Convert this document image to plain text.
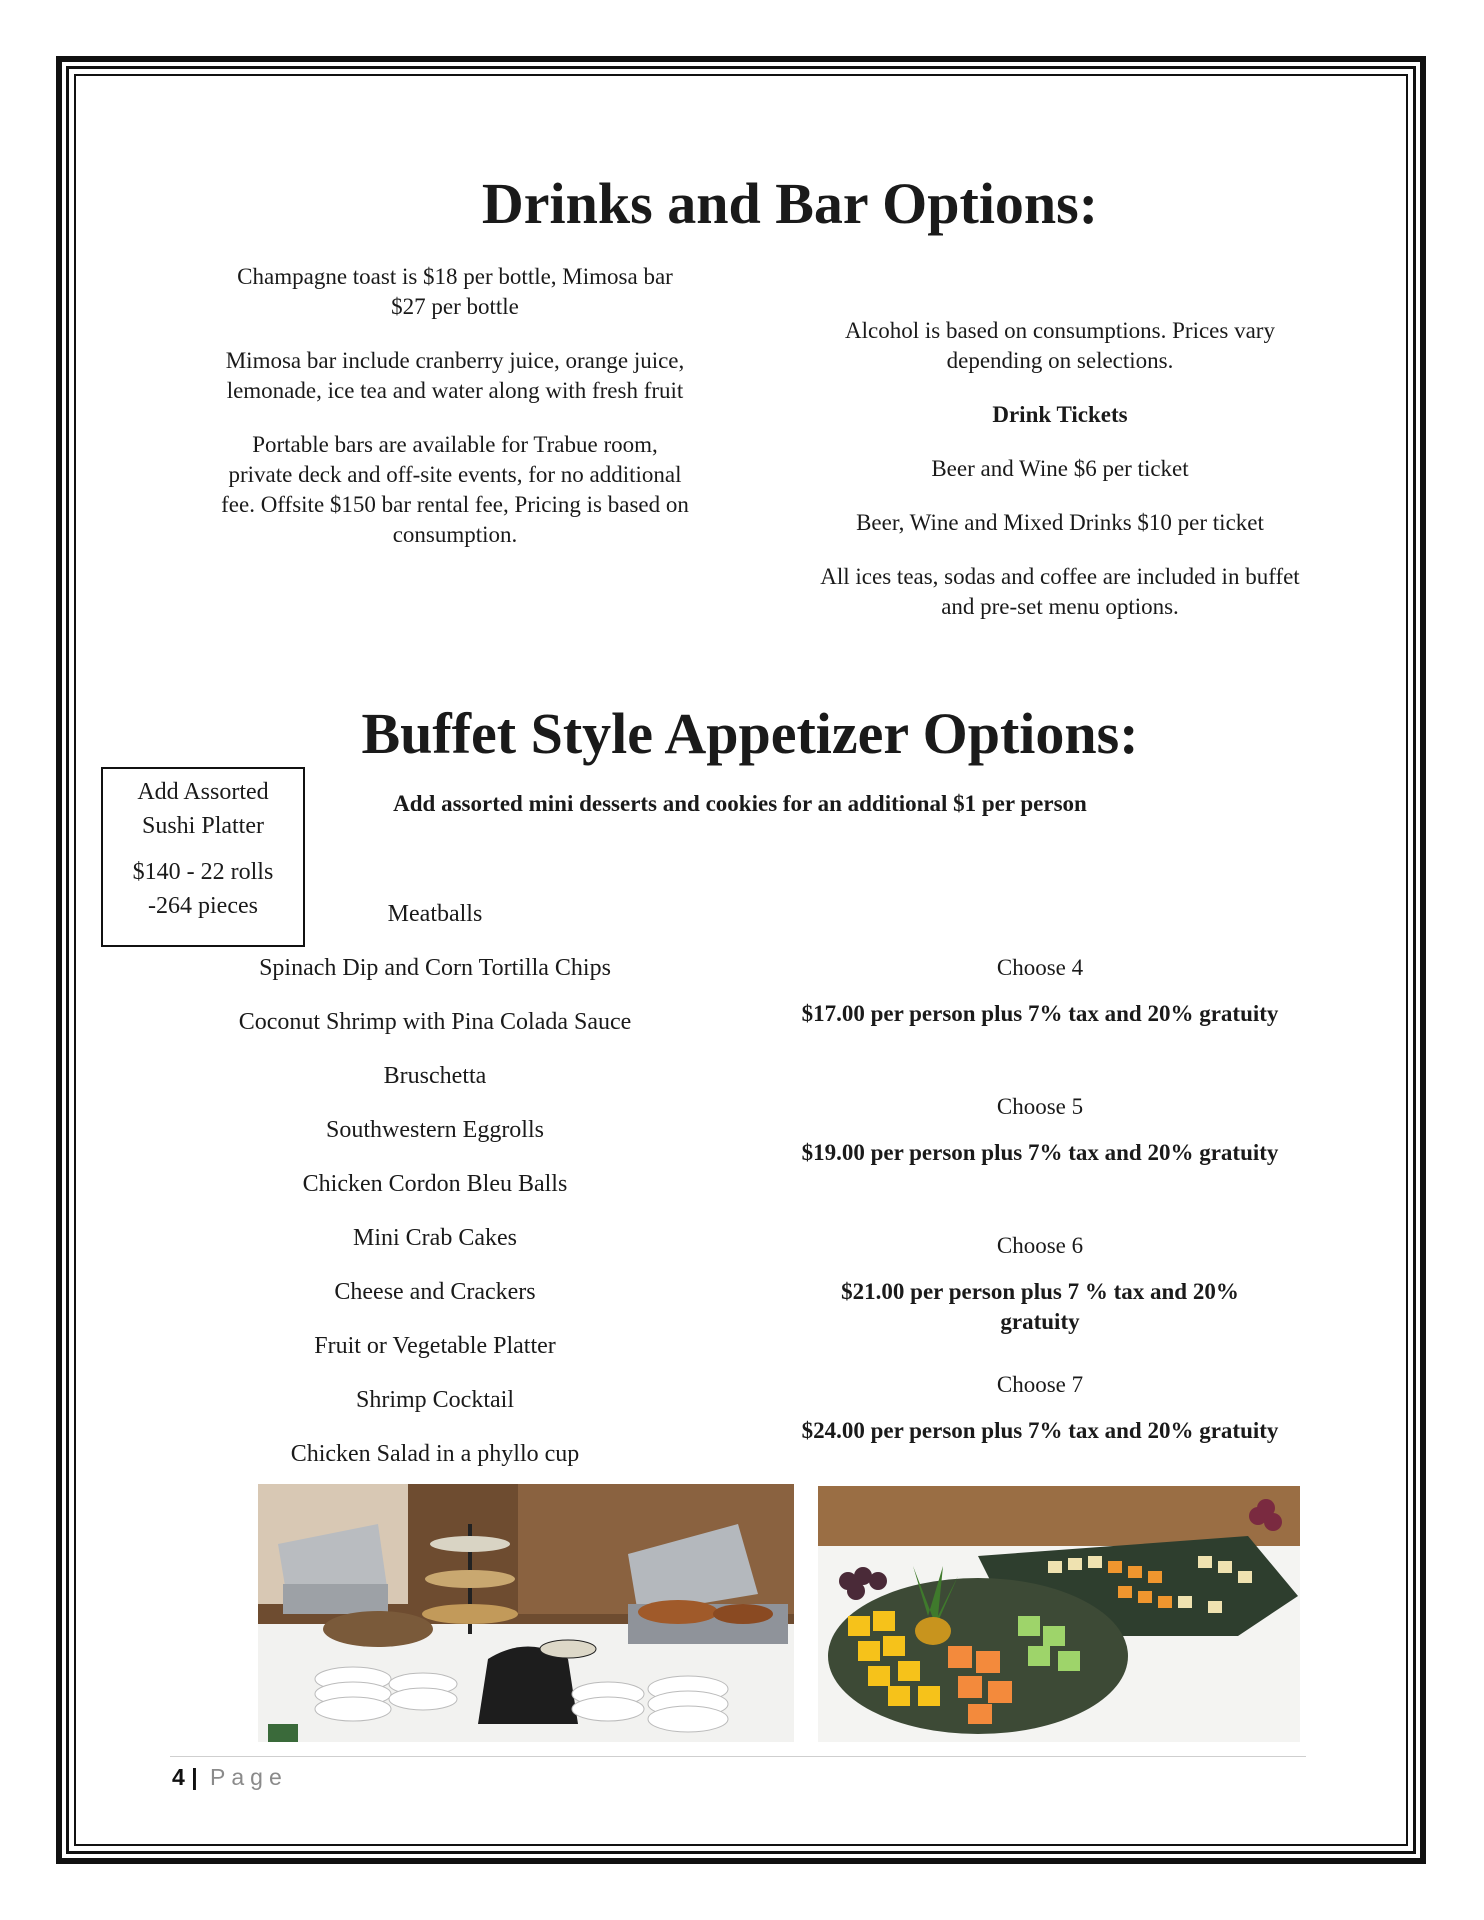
Drinks and Bar Options:

Champagne toast is $18 per bottle, Mimosa bar $27 per bottle

Mimosa bar include cranberry juice, orange juice, lemonade, ice tea and water along with fresh fruit

Portable bars are available for Trabue room, private deck and off-site events, for no additional fee. Offsite $150 bar rental fee, Pricing is based on consumption.

Alcohol is based on consumptions. Prices vary depending on selections.

Drink Tickets

Beer and Wine $6 per ticket

Beer, Wine and Mixed Drinks $10 per ticket

All ices teas, sodas and coffee are included in buffet and pre-set menu options.

Buffet Style Appetizer Options:

Add Assorted

Sushi Platter

$140 - 22 rolls

-264 pieces

Add assorted mini desserts and cookies for an additional $1 per person
Meatballs
Spinach Dip and Corn Tortilla Chips
Coconut Shrimp with Pina Colada Sauce
Bruschetta
Southwestern Eggrolls
Chicken Cordon Bleu Balls
Mini Crab Cakes
Cheese and Crackers
Fruit or Vegetable Platter
Shrimp Cocktail
Chicken Salad in a phyllo cup
Choose 4
$17.00 per person plus 7% tax and 20% gratuity
Choose 5
$19.00 per person plus 7% tax and 20% gratuity
Choose 6
$21.00 per person plus 7 % tax and 20% gratuity
Choose 7
$24.00 per person plus 7% tax and 20% gratuity
4 | Page
